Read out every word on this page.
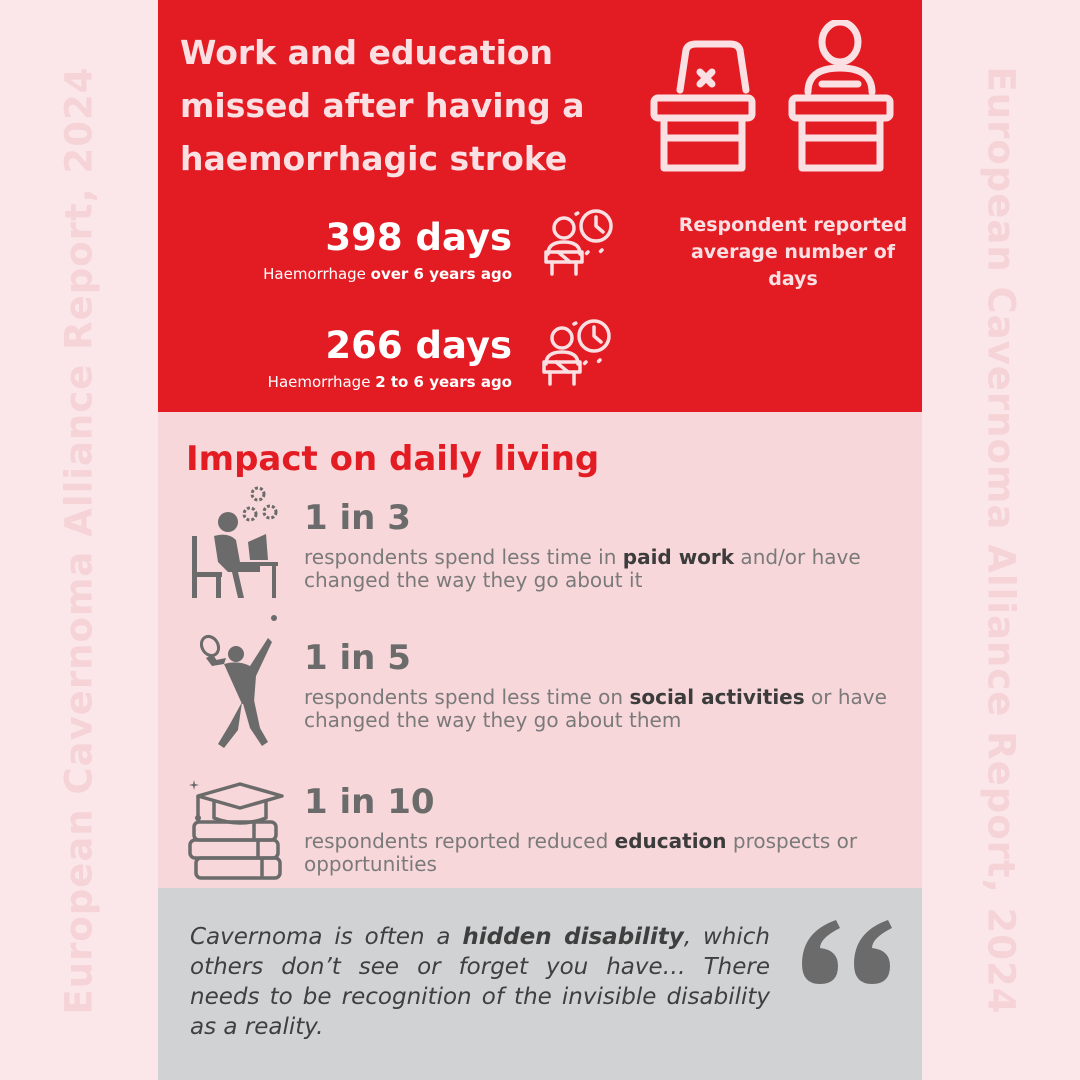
European Cavernoma Alliance Report, 2024	European Cavernoma Alliance Report, 2024
Work and education missed after having a haemorrhagic stroke
398 days
Haemorrhage over 6 years ago
266 days
Haemorrhage 2 to 6 years ago
Respondent reported average number of days
Impact on daily living
1 in 3
respondents spend less time in paid work and/or have changed the way they go about it
1 in 5
respondents spend less time on social activities or have changed the way they go about them
1 in 10
respondents reported reduced education prospects or opportunities
Cavernoma is often a hidden disability, which others don’t see or forget you have… There needs to be recognition of the invisible disability as a reality.
